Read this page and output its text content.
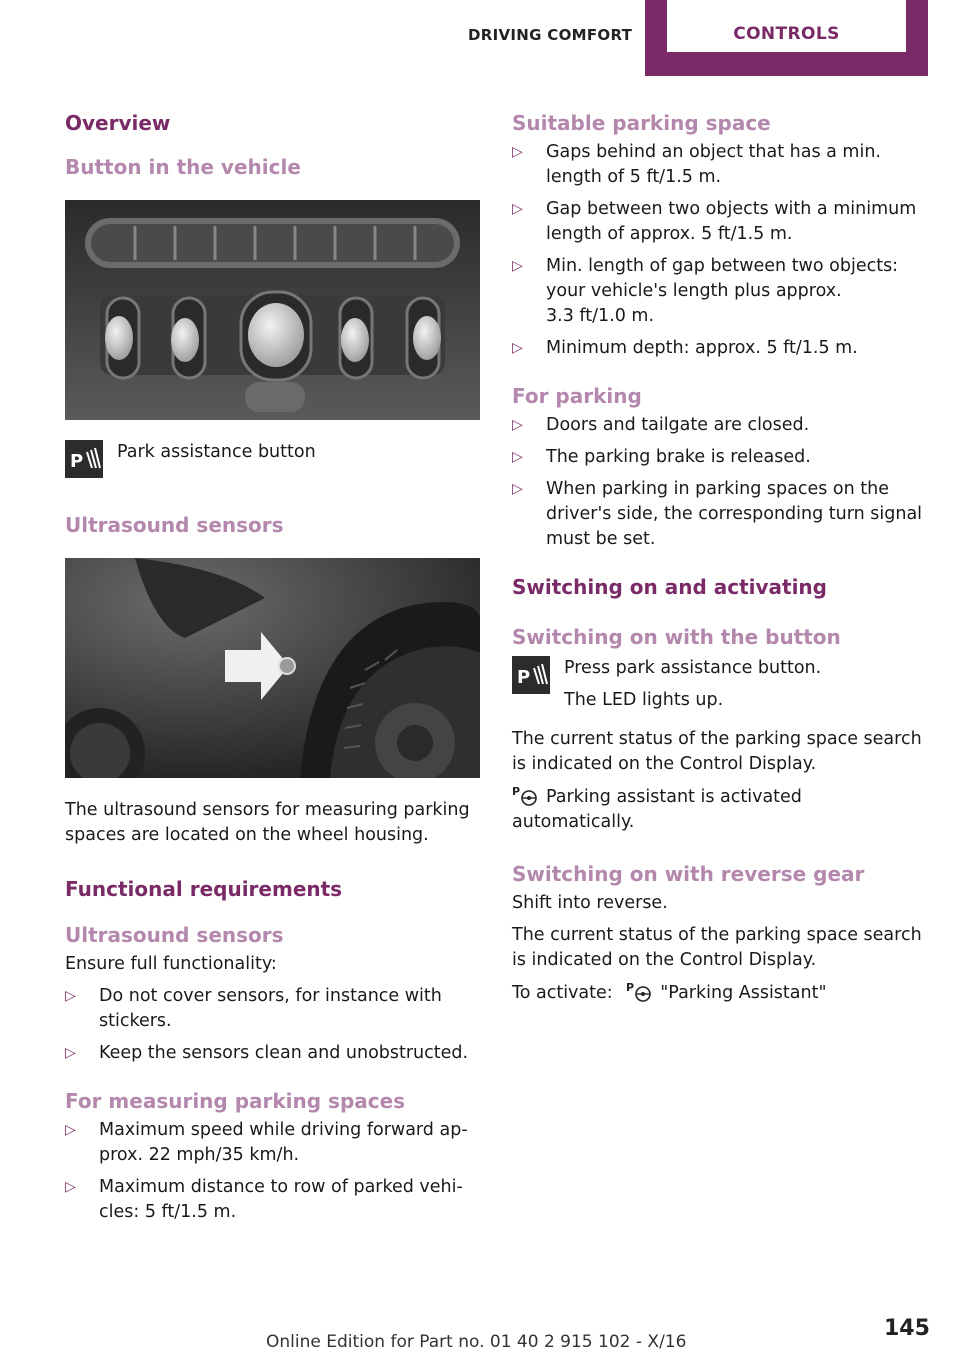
DRIVING COMFORT	CONTROLS
Overview
Button in the vehicle
P Park assistance button

Ultrasound sensors

The ultrasound sensors for measuring parking spaces are located on the wheel housing.

Functional requirements
Ultrasound sensors

Ensure full functionality:

▷ Do not cover sensors, for instance with stickers.
▷ Keep the sensors clean and unobstructed.
For measuring parking spaces
▷ Maximum speed while driving forward ap-
prox. 22 mph/35 km/h.
▷ Maximum distance to row of parked vehi-
cles: 5 ft/1.5 m.
Suitable parking space
▷ Gaps behind an object that has a min.
length of 5 ft/1.5 m.
▷ Gap between two objects with a minimum
length of approx. 5 ft/1.5 m.
▷ Min. length of gap between two objects:
your vehicle's length plus approx.
3.3 ft/1.0 m.
▷ Minimum depth: approx. 5 ft/1.5 m.
For parking
▷ Doors and tailgate are closed.
▷ The parking brake is released.
▷ When parking in parking spaces on the
driver's side, the corresponding turn signal
must be set.
Switching on and activating
Switching on with the button
P Press park assistance button.

The LED lights up.

The current status of the parking space search is indicated on the Control Display.

P Parking assistant is activated automatically.

Switching on with reverse gear

Shift into reverse.

The current status of the parking space search is indicated on the Control Display.

To activate: P "Parking Assistant"

145
Online Edition for Part no. 01 40 2 915 102 - X/16
